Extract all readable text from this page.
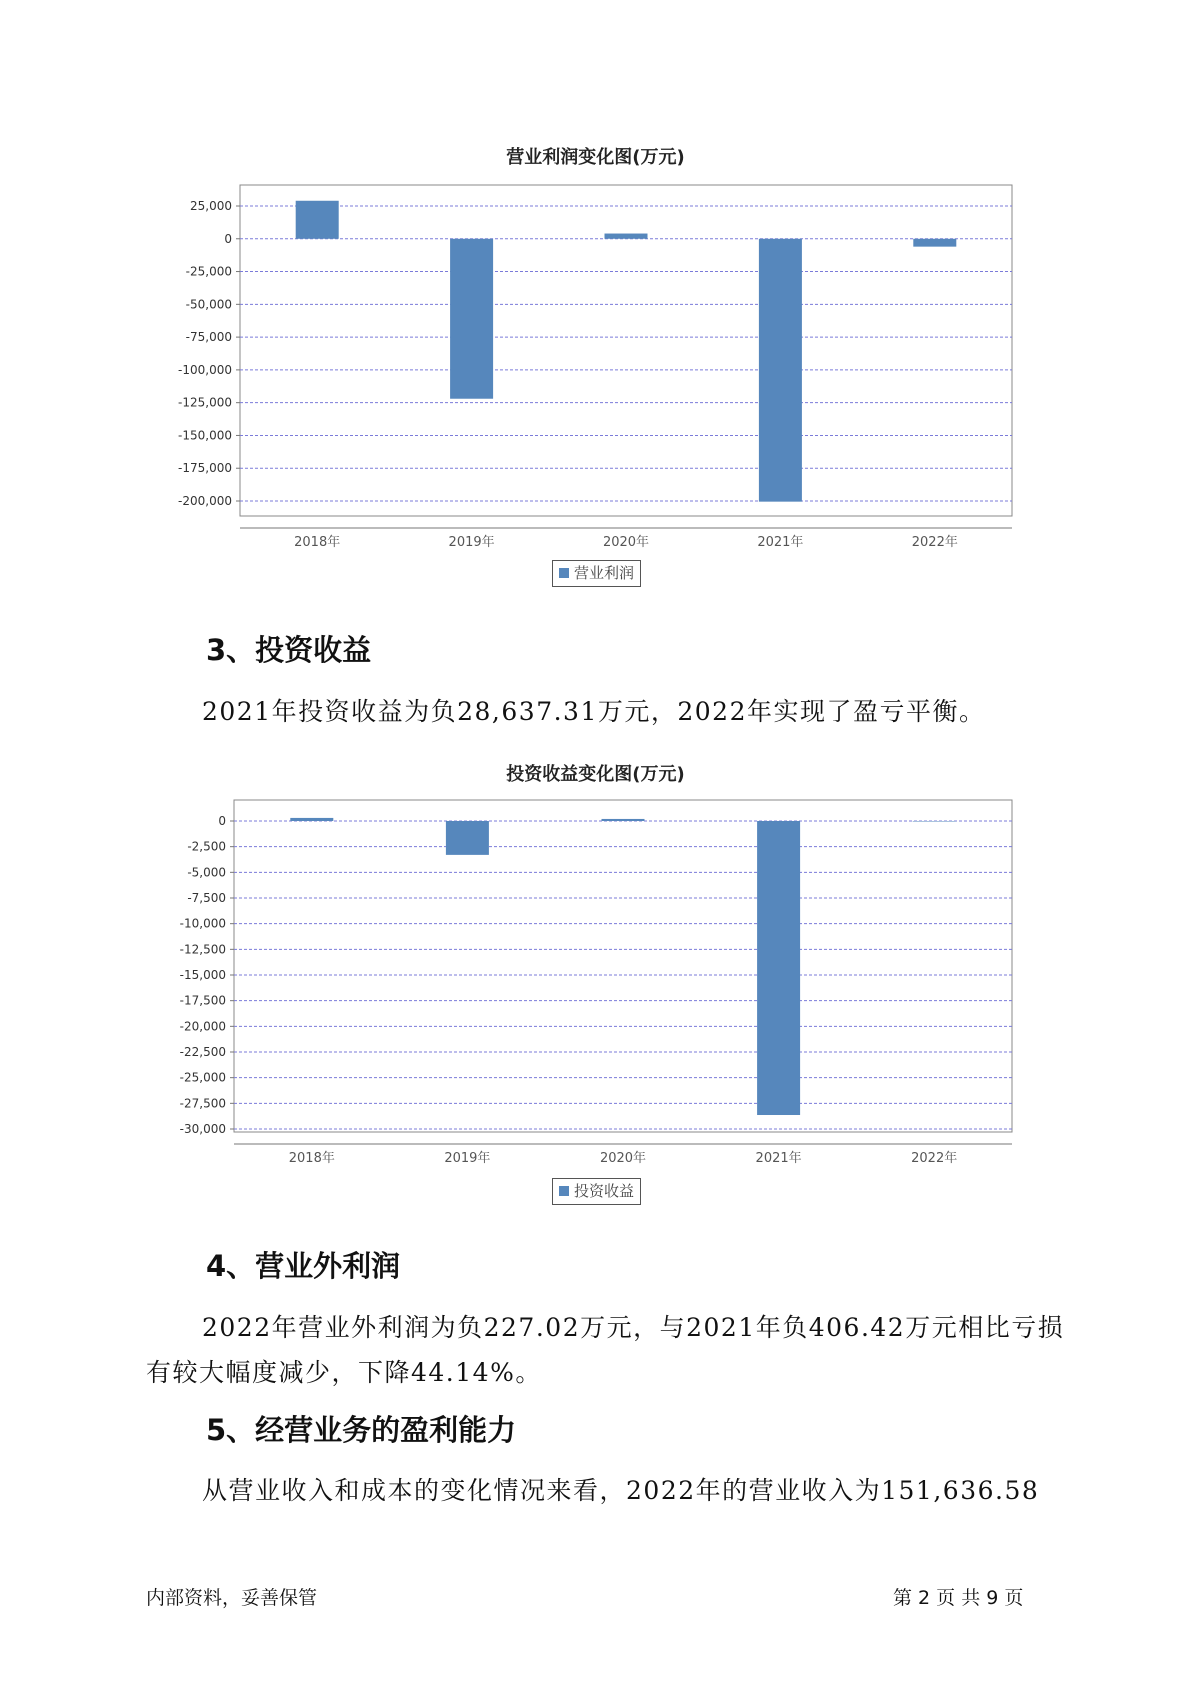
营业利润变化图(万元)
25,000
0
-25,000
-50,000
-75,000
-100,000
-125,000
-150,000
-175,000
-200,000
2018年	2019年	2020年	2021年	2022年
营业利润
3、投资收益
2021年投资收益为负28,637.31万元，2022年实现了盈亏平衡。
投资收益变化图(万元)
0
-2,500
-5,000
-7,500
-10,000
-12,500
-15,000
-17,500
-20,000
-22,500
-25,000
-27,500
-30,000
2018年	2019年	2020年	2021年	2022年
投资收益
4、营业外利润
2022年营业外利润为负227.02万元，与2021年负406.42万元相比亏损
有较大幅度减少，下降44.14%。
5、经营业务的盈利能力
从营业收入和成本的变化情况来看，2022年的营业收入为151,636.58
内部资料，妥善保管	第 2 页 共 9 页
